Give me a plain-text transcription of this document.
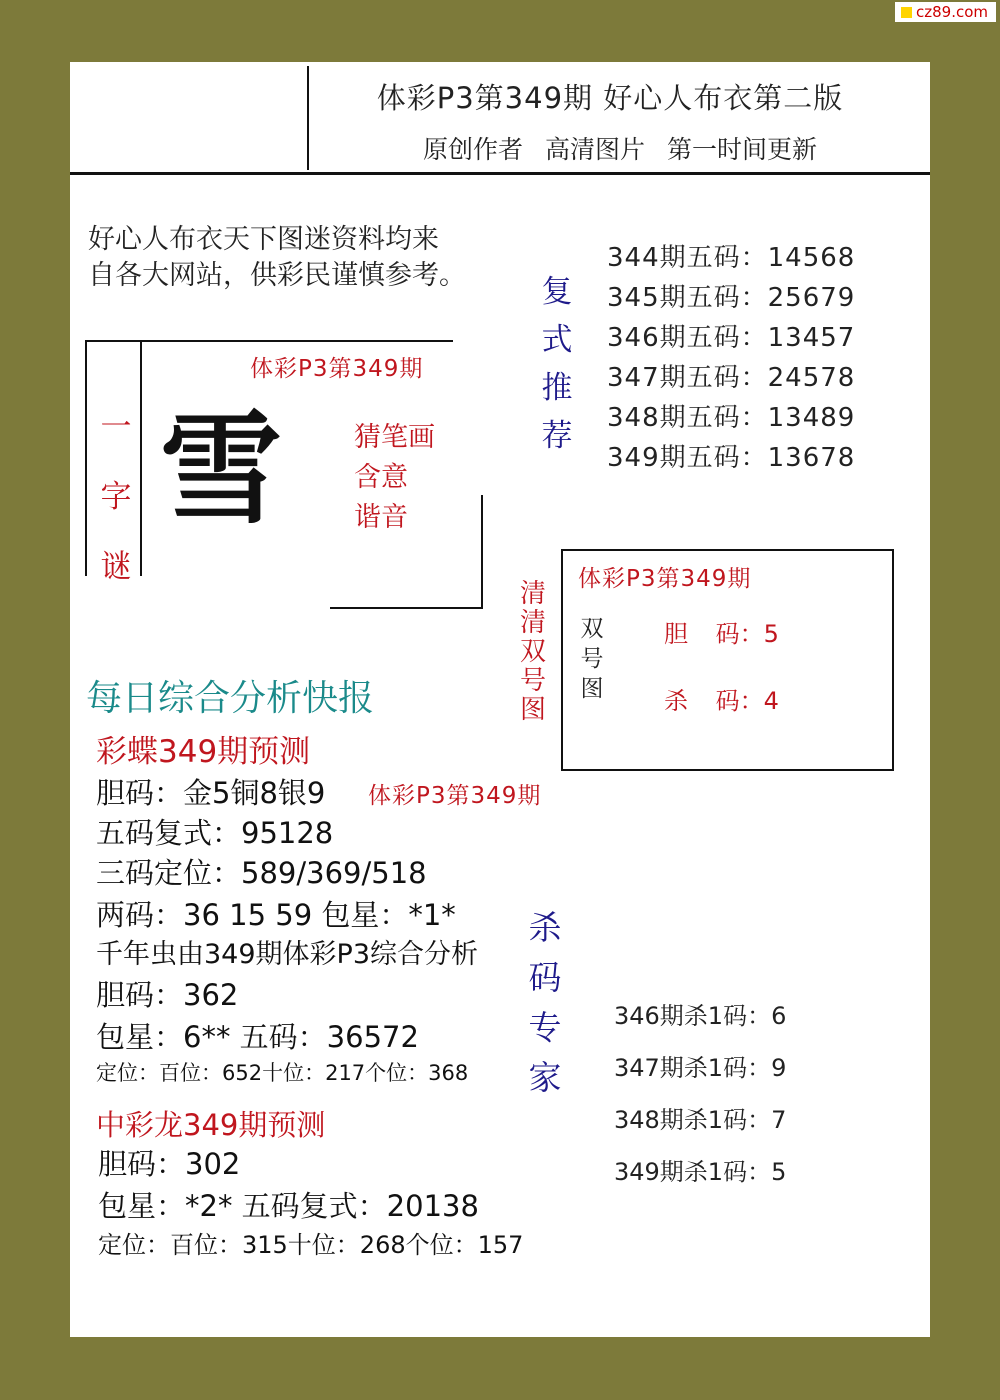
cz89.com
体彩P3第349期 好心人布衣第二版
原创作者 高清图片 第一时间更新
好心人布衣天下图迷资料均来
自各大网站，供彩民谨慎参考。	复
式
推
荐
344期五码：14568
345期五码：25679
346期五码：13457
347期五码：24578
348期五码：13489
349期五码：13678
一
字
谜
体彩P3第349期
雪	猜笔画
含意
谐音
清
清
双
号
图
体彩P3第349期
双
号
图
胆 码：5
杀 码：4
每日综合分析快报
彩蝶349期预测
胆码：金5铜8银9 体彩P3第349期
五码复式：95128
三码定位：589/369/518
两码：36 15 59 包星：*1*
千年虫由349期体彩P3综合分析
胆码：362
包星：6** 五码：36572
定位：百位：652十位：217个位：368
中彩龙349期预测
胆码：302
包星：*2* 五码复式：20138
定位：百位：315十位：268个位：157
杀
码
专
家
346期杀1码：6
347期杀1码：9
348期杀1码：7
349期杀1码：5
